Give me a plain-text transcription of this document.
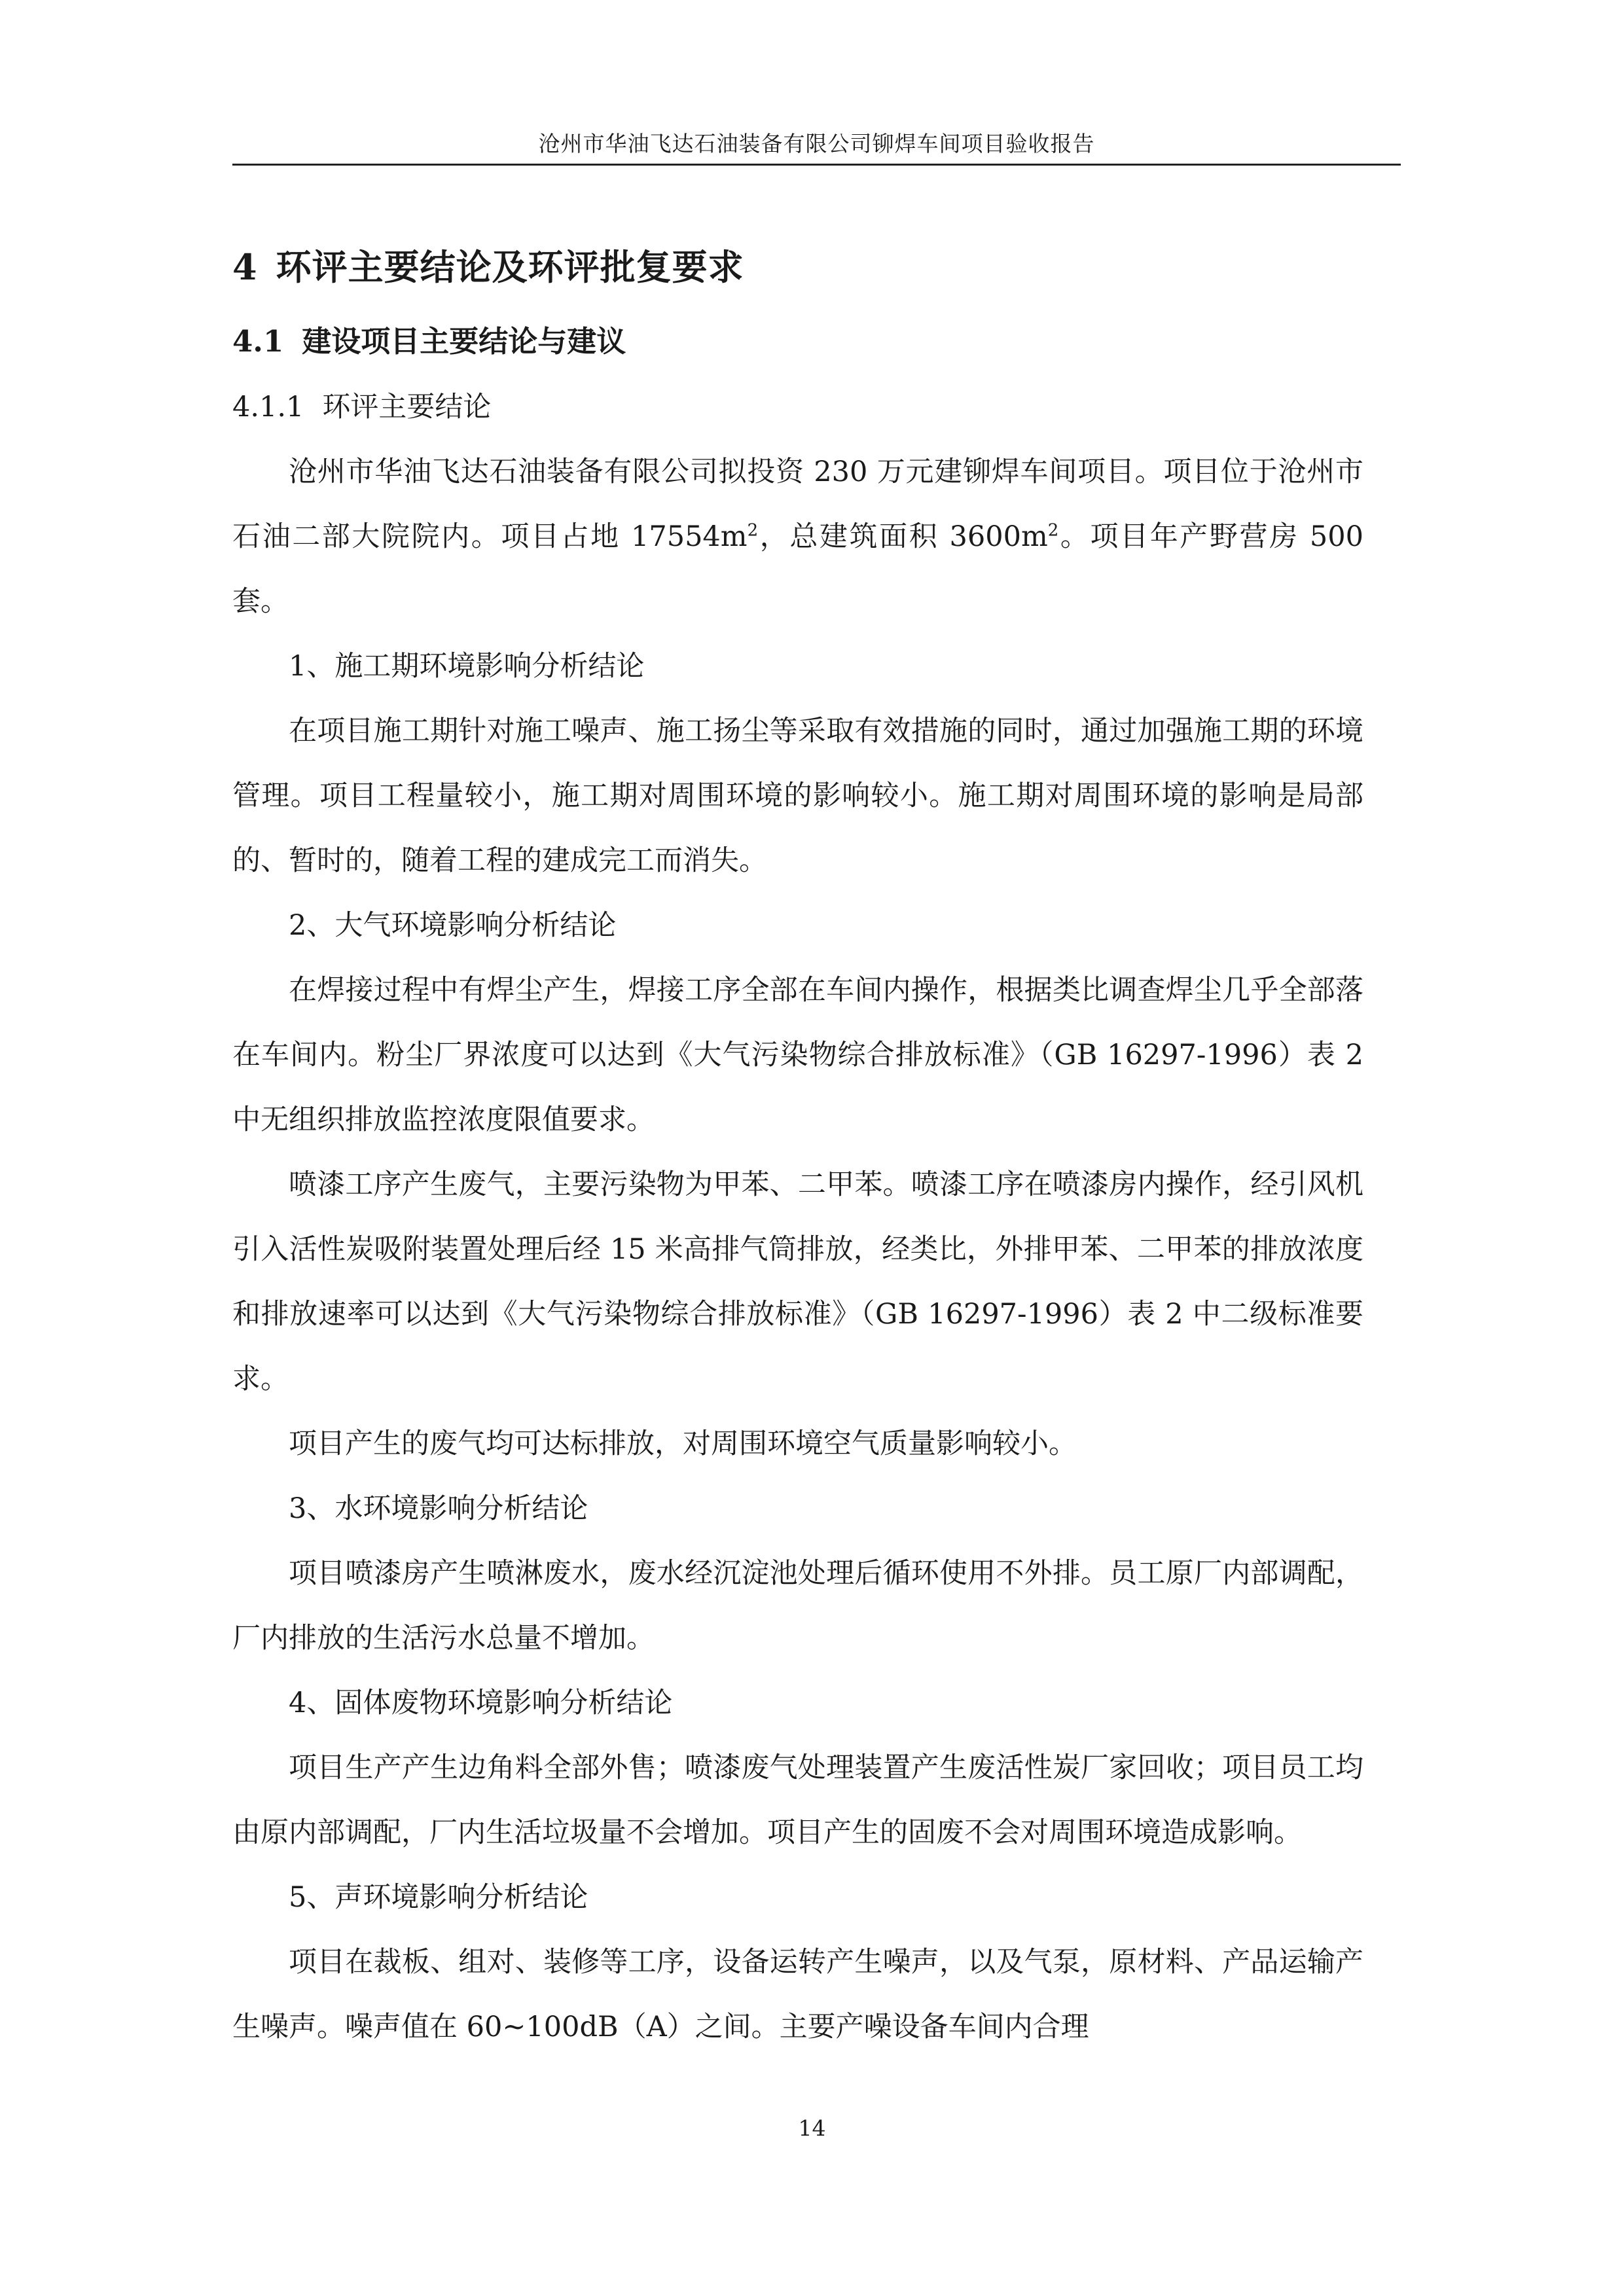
沧州市华油飞达石油装备有限公司铆焊车间项目验收报告
4 环评主要结论及环评批复要求
4.1 建设项目主要结论与建议
4.1.1 环评主要结论

沧州市华油飞达石油装备有限公司拟投资 230 万元建铆焊车间项目。项目位于沧州市石油二部大院院内。项目占地 $17554m^2$，总建筑面积 $3600m^2$。项目年产野营房 500 套。

1、施工期环境影响分析结论

在项目施工期针对施工噪声、施工扬尘等采取有效措施的同时，通过加强施工期的环境管理。项目工程量较小，施工期对周围环境的影响较小。施工期对周围环境的影响是局部的、暂时的，随着工程的建成完工而消失。

2、大气环境影响分析结论

在焊接过程中有焊尘产生，焊接工序全部在车间内操作，根据类比调查焊尘几乎全部落在车间内。粉尘厂界浓度可以达到《大气污染物综合排放标准》（GB 16297-1996）表 2 中无组织排放监控浓度限值要求。

喷漆工序产生废气，主要污染物为甲苯、二甲苯。喷漆工序在喷漆房内操作，经引风机引入活性炭吸附装置处理后经 15 米高排气筒排放，经类比，外排甲苯、二甲苯的排放浓度和排放速率可以达到《大气污染物综合排放标准》（GB 16297-1996）表 2 中二级标准要求。

项目产生的废气均可达标排放，对周围环境空气质量影响较小。

3、水环境影响分析结论

项目喷漆房产生喷淋废水，废水经沉淀池处理后循环使用不外排。员工原厂内部调配，厂内排放的生活污水总量不增加。

4、固体废物环境影响分析结论

项目生产产生边角料全部外售；喷漆废气处理装置产生废活性炭厂家回收；项目员工均由原内部调配，厂内生活垃圾量不会增加。项目产生的固废不会对周围环境造成影响。

5、声环境影响分析结论

项目在裁板、组对、装修等工序，设备运转产生噪声，以及气泵，原材料、产品运输产生噪声。噪声值在 60~100dB（A）之间。主要产噪设备车间内合理

14
